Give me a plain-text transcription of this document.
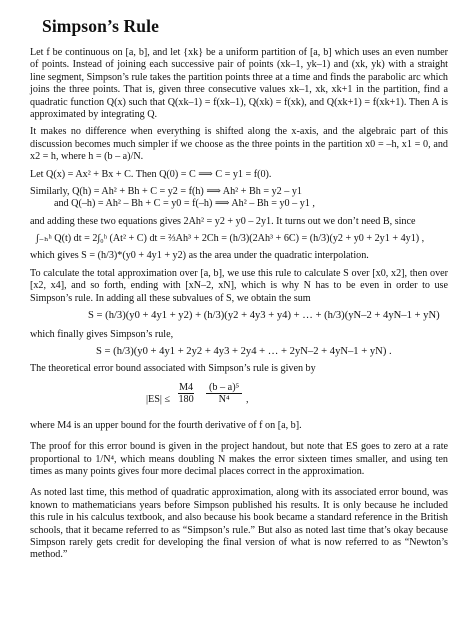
Simpson’s Rule

Let f be continuous on [a, b], and let {xk} be a uniform partition of [a, b] which uses an even number of points. Instead of joining each successive pair of points (xk–1, yk–1) and (xk, yk) with a straight line segment, Simpson’s rule takes the partition points three at a time and finds the parabolic arc which joins the three points. That is, given three consecutive values xk–1, xk, xk+1 in the partition, find a quadratic function Q(x) such that Q(xk–1) = f(xk–1), Q(xk) = f(xk), and Q(xk+1) = f(xk+1). Then A is approximated by integrating Q.

It makes no difference when everything is shifted along the x-axis, and the algebraic part of this discussion becomes much simpler if we choose as the three points in the partition x0 = –h, x1 = 0, and x2 = h, where h = (b – a)/N.

Let Q(x) = Ax² + Bx + C. Then Q(0) = C ⟹ C = y1 = f(0).
Similarly, Q(h) = Ah² + Bh + C = y2 = f(h) ⟹ Ah² + Bh = y2 – y1
and Q(–h) = Ah² – Bh + C = y0 = f(–h) ⟹ Ah² – Bh = y0 – y1 ,
and adding these two equations gives 2Ah² = y2 + y0 – 2y1. It turns out we don’t need B, since
∫₋ₕʰ Q(t) dt = 2∫₀ʰ (At² + C) dt = ⅔Ah³ + 2Ch = (h/3)(2Ah³ + 6C) = (h/3)(y2 + y0 + 2y1 + 4y1) ,

which gives S = (h/3)*(y0 + 4y1 + y2) as the area under the quadratic interpolation.

To calculate the total approximation over [a, b], we use this rule to calculate S over [x0, x2], then over [x2, x4], and so forth, ending with [xN–2, xN], which is why N has to be even in order to use Simpson’s rule. In adding all these subvalues of S, we obtain the sum

S = (h/3)(y0 + 4y1 + y2) + (h/3)(y2 + 4y3 + y4) + … + (h/3)(yN–2 + 4yN–1 + yN)

which finally gives Simpson’s rule,

S = (h/3)(y0 + 4y1 + 2y2 + 4y3 + 2y4 + … + 2yN–2 + 4yN–1 + yN) .

The theoretical error bound associated with Simpson’s rule is given by

$|ES| \le \frac{M4}{180} \frac{\text{(b – a)⁵}}{\text{N⁴}}$ ,

where M4 is an upper bound for the fourth derivative of f on [a, b].

The proof for this error bound is given in the project handout, but note that ES goes to zero at a rate proportional to 1/N⁴, which means doubling N makes the error sixteen times smaller, and using ten times as many points gives four more decimal places correct in the approximation.

As noted last time, this method of quadratic approximation, along with its associated error bound, was known to mathematicians years before Simpson published his results. It is only because he included this rule in his calculus textbook, and also because his book became a standard reference in the British schools, that it became referred to as “Simpson’s rule.” But also as noted last time that’s okay because Simpson rarely gets credit for developing the final version of what is now referred to as “Newton’s method.”
